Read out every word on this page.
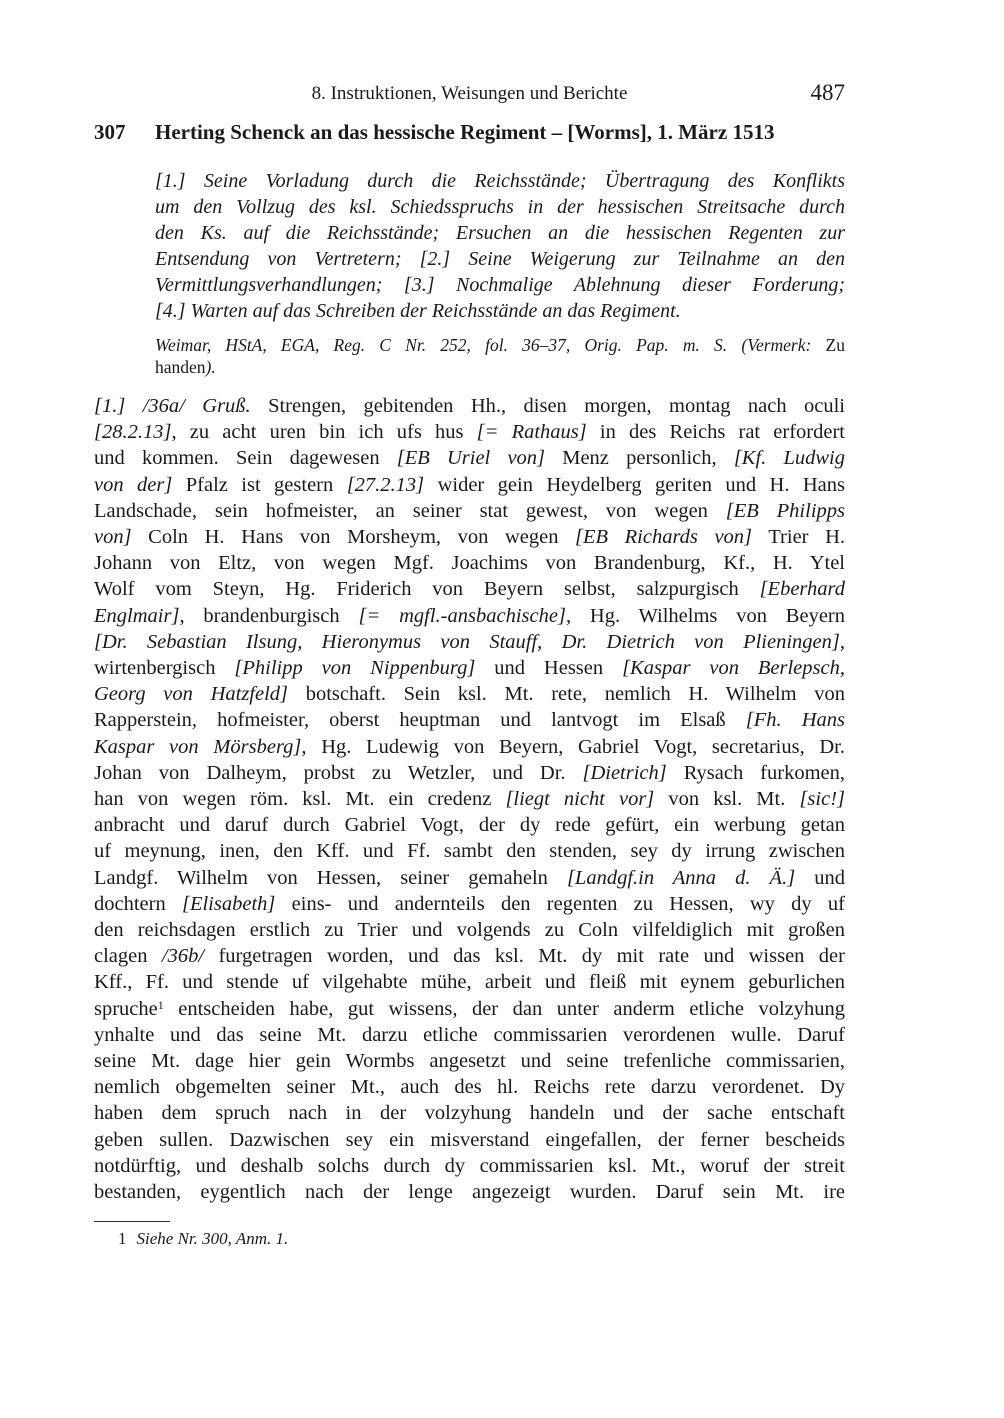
8. Instruktionen, Weisungen und Berichte	487
307 Herting Schenck an das hessische Regiment – [Worms], 1. März 1513
[1.] Seine Vorladung durch die Reichsstände; Übertragung des Konflikts
um den Vollzug des ksl. Schiedsspruchs in der hessischen Streitsache durch
den Ks. auf die Reichsstände; Ersuchen an die hessischen Regenten zur
Entsendung von Vertretern; [2.] Seine Weigerung zur Teilnahme an den
Vermittlungsverhandlungen; [3.] Nochmalige Ablehnung dieser Forderung;
[4.] Warten auf das Schreiben der Reichsstände an das Regiment.
Weimar, HStA, EGA, Reg. C Nr. 252, fol. 36–37, Orig. Pap. m. S. (Vermerk: Zu
handen).
[1.] /36a/ Gruß. Strengen, gebitenden Hh., disen morgen, montag nach oculi
[28.2.13], zu acht uren bin ich ufs hus [= Rathaus] in des Reichs rat erfordert
und kommen. Sein dagewesen [EB Uriel von] Menz personlich, [Kf. Ludwig
von der] Pfalz ist gestern [27.2.13] wider gein Heydelberg geriten und H. Hans
Landschade, sein hofmeister, an seiner stat gewest, von wegen [EB Philipps
von] Coln H. Hans von Morsheym, von wegen [EB Richards von] Trier H.
Johann von Eltz, von wegen Mgf. Joachims von Brandenburg, Kf., H. Ytel
Wolf vom Steyn, Hg. Friderich von Beyern selbst, salzpurgisch [Eberhard
Englmair], brandenburgisch [= mgfl.-ansbachische], Hg. Wilhelms von Beyern
[Dr. Sebastian Ilsung, Hieronymus von Stauff, Dr. Dietrich von Plieningen],
wirtenbergisch [Philipp von Nippenburg] und Hessen [Kaspar von Berlepsch,
Georg von Hatzfeld] botschaft. Sein ksl. Mt. rete, nemlich H. Wilhelm von
Rapperstein, hofmeister, oberst heuptman und lantvogt im Elsaß [Fh. Hans
Kaspar von Mörsberg], Hg. Ludewig von Beyern, Gabriel Vogt, secretarius, Dr.
Johan von Dalheym, probst zu Wetzler, und Dr. [Dietrich] Rysach furkomen,
han von wegen röm. ksl. Mt. ein credenz [liegt nicht vor] von ksl. Mt. [sic!]
anbracht und daruf durch Gabriel Vogt, der dy rede gefürt, ein werbung getan
uf meynung, inen, den Kff. und Ff. sambt den stenden, sey dy irrung zwischen
Landgf. Wilhelm von Hessen, seiner gemaheln [Landgf.in Anna d. Ä.] und
dochtern [Elisabeth] eins- und andernteils den regenten zu Hessen, wy dy uf
den reichsdagen erstlich zu Trier und volgends zu Coln vilfeldiglich mit großen
clagen /36b/ furgetragen worden, und das ksl. Mt. dy mit rate und wissen der
Kff., Ff. und stende uf vilgehabte mühe, arbeit und fleiß mit eynem geburlichen
spruche$^1$ entscheiden habe, gut wissens, der dan unter anderm etliche volzyhung
ynhalte und das seine Mt. darzu etliche commissarien verordenen wulle. Daruf
seine Mt. dage hier gein Wormbs angesetzt und seine trefenliche commissarien,
nemlich obgemelten seiner Mt., auch des hl. Reichs rete darzu verordenet. Dy
haben dem spruch nach in der volzyhung handeln und der sache entschaft
geben sullen. Dazwischen sey ein misverstand eingefallen, der ferner bescheids
notdürftig, und deshalb solchs durch dy commissarien ksl. Mt., woruf der streit
bestanden, eygentlich nach der lenge angezeigt wurden. Daruf sein Mt. ire
1 Siehe Nr. 300, Anm. 1.
